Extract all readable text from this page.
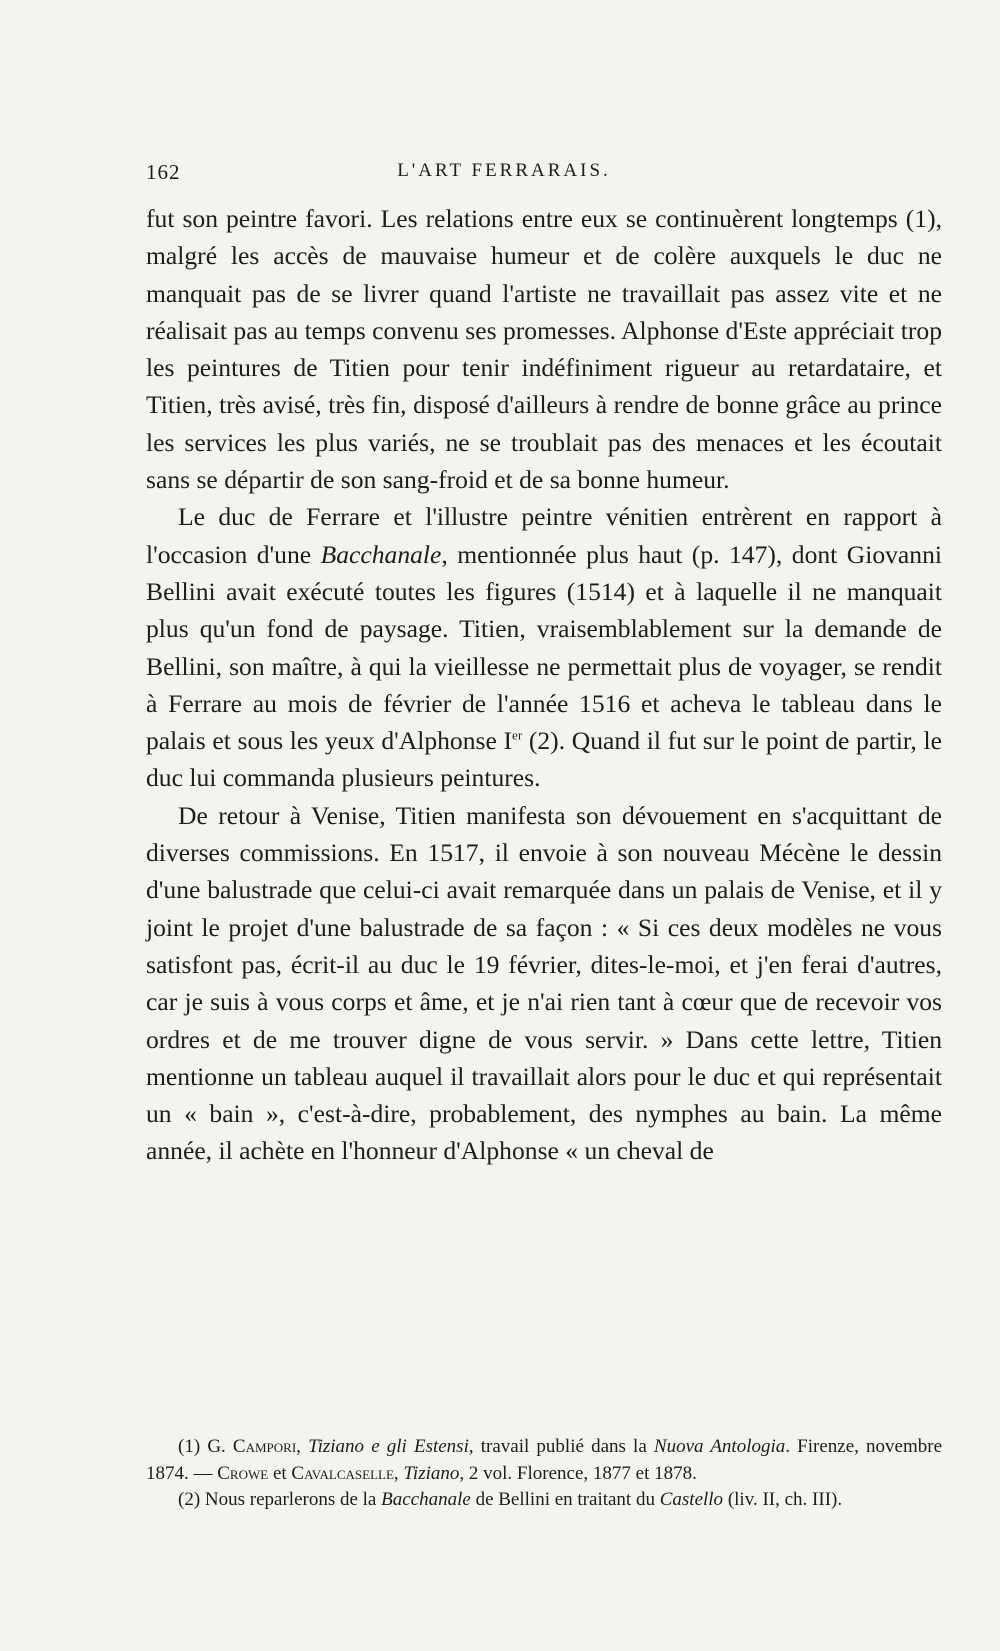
162	L'ART FERRARAIS.

fut son peintre favori. Les relations entre eux se continuèrent longtemps (1), malgré les accès de mauvaise humeur et de colère auxquels le duc ne manquait pas de se livrer quand l'artiste ne travaillait pas assez vite et ne réalisait pas au temps convenu ses promesses. Alphonse d'Este appréciait trop les peintures de Titien pour tenir indéfiniment rigueur au retardataire, et Titien, très avisé, très fin, disposé d'ailleurs à rendre de bonne grâce au prince les services les plus variés, ne se troublait pas des menaces et les écoutait sans se départir de son sang-froid et de sa bonne humeur.

Le duc de Ferrare et l'illustre peintre vénitien entrèrent en rapport à l'occasion d'une Bacchanale, mentionnée plus haut (p. 147), dont Giovanni Bellini avait exécuté toutes les figures (1514) et à laquelle il ne manquait plus qu'un fond de paysage. Titien, vraisemblablement sur la demande de Bellini, son maître, à qui la vieillesse ne permettait plus de voyager, se rendit à Ferrare au mois de février de l'année 1516 et acheva le tableau dans le palais et sous les yeux d'Alphonse Ier (2). Quand il fut sur le point de partir, le duc lui commanda plusieurs peintures.

De retour à Venise, Titien manifesta son dévouement en s'acquittant de diverses commissions. En 1517, il envoie à son nouveau Mécène le dessin d'une balustrade que celui-ci avait remarquée dans un palais de Venise, et il y joint le projet d'une balustrade de sa façon : « Si ces deux modèles ne vous satisfont pas, écrit-il au duc le 19 février, dites-le-moi, et j'en ferai d'autres, car je suis à vous corps et âme, et je n'ai rien tant à cœur que de recevoir vos ordres et de me trouver digne de vous servir. » Dans cette lettre, Titien mentionne un tableau auquel il travaillait alors pour le duc et qui représentait un « bain », c'est-à-dire, probablement, des nymphes au bain. La même année, il achète en l'honneur d'Alphonse « un cheval de

(1) G. Campori, Tiziano e gli Estensi, travail publié dans la Nuova Antologia. Firenze, novembre 1874. — Crowe et Cavalcaselle, Tiziano, 2 vol. Florence, 1877 et 1878.

(2) Nous reparlerons de la Bacchanale de Bellini en traitant du Castello (liv. II, ch. III).
